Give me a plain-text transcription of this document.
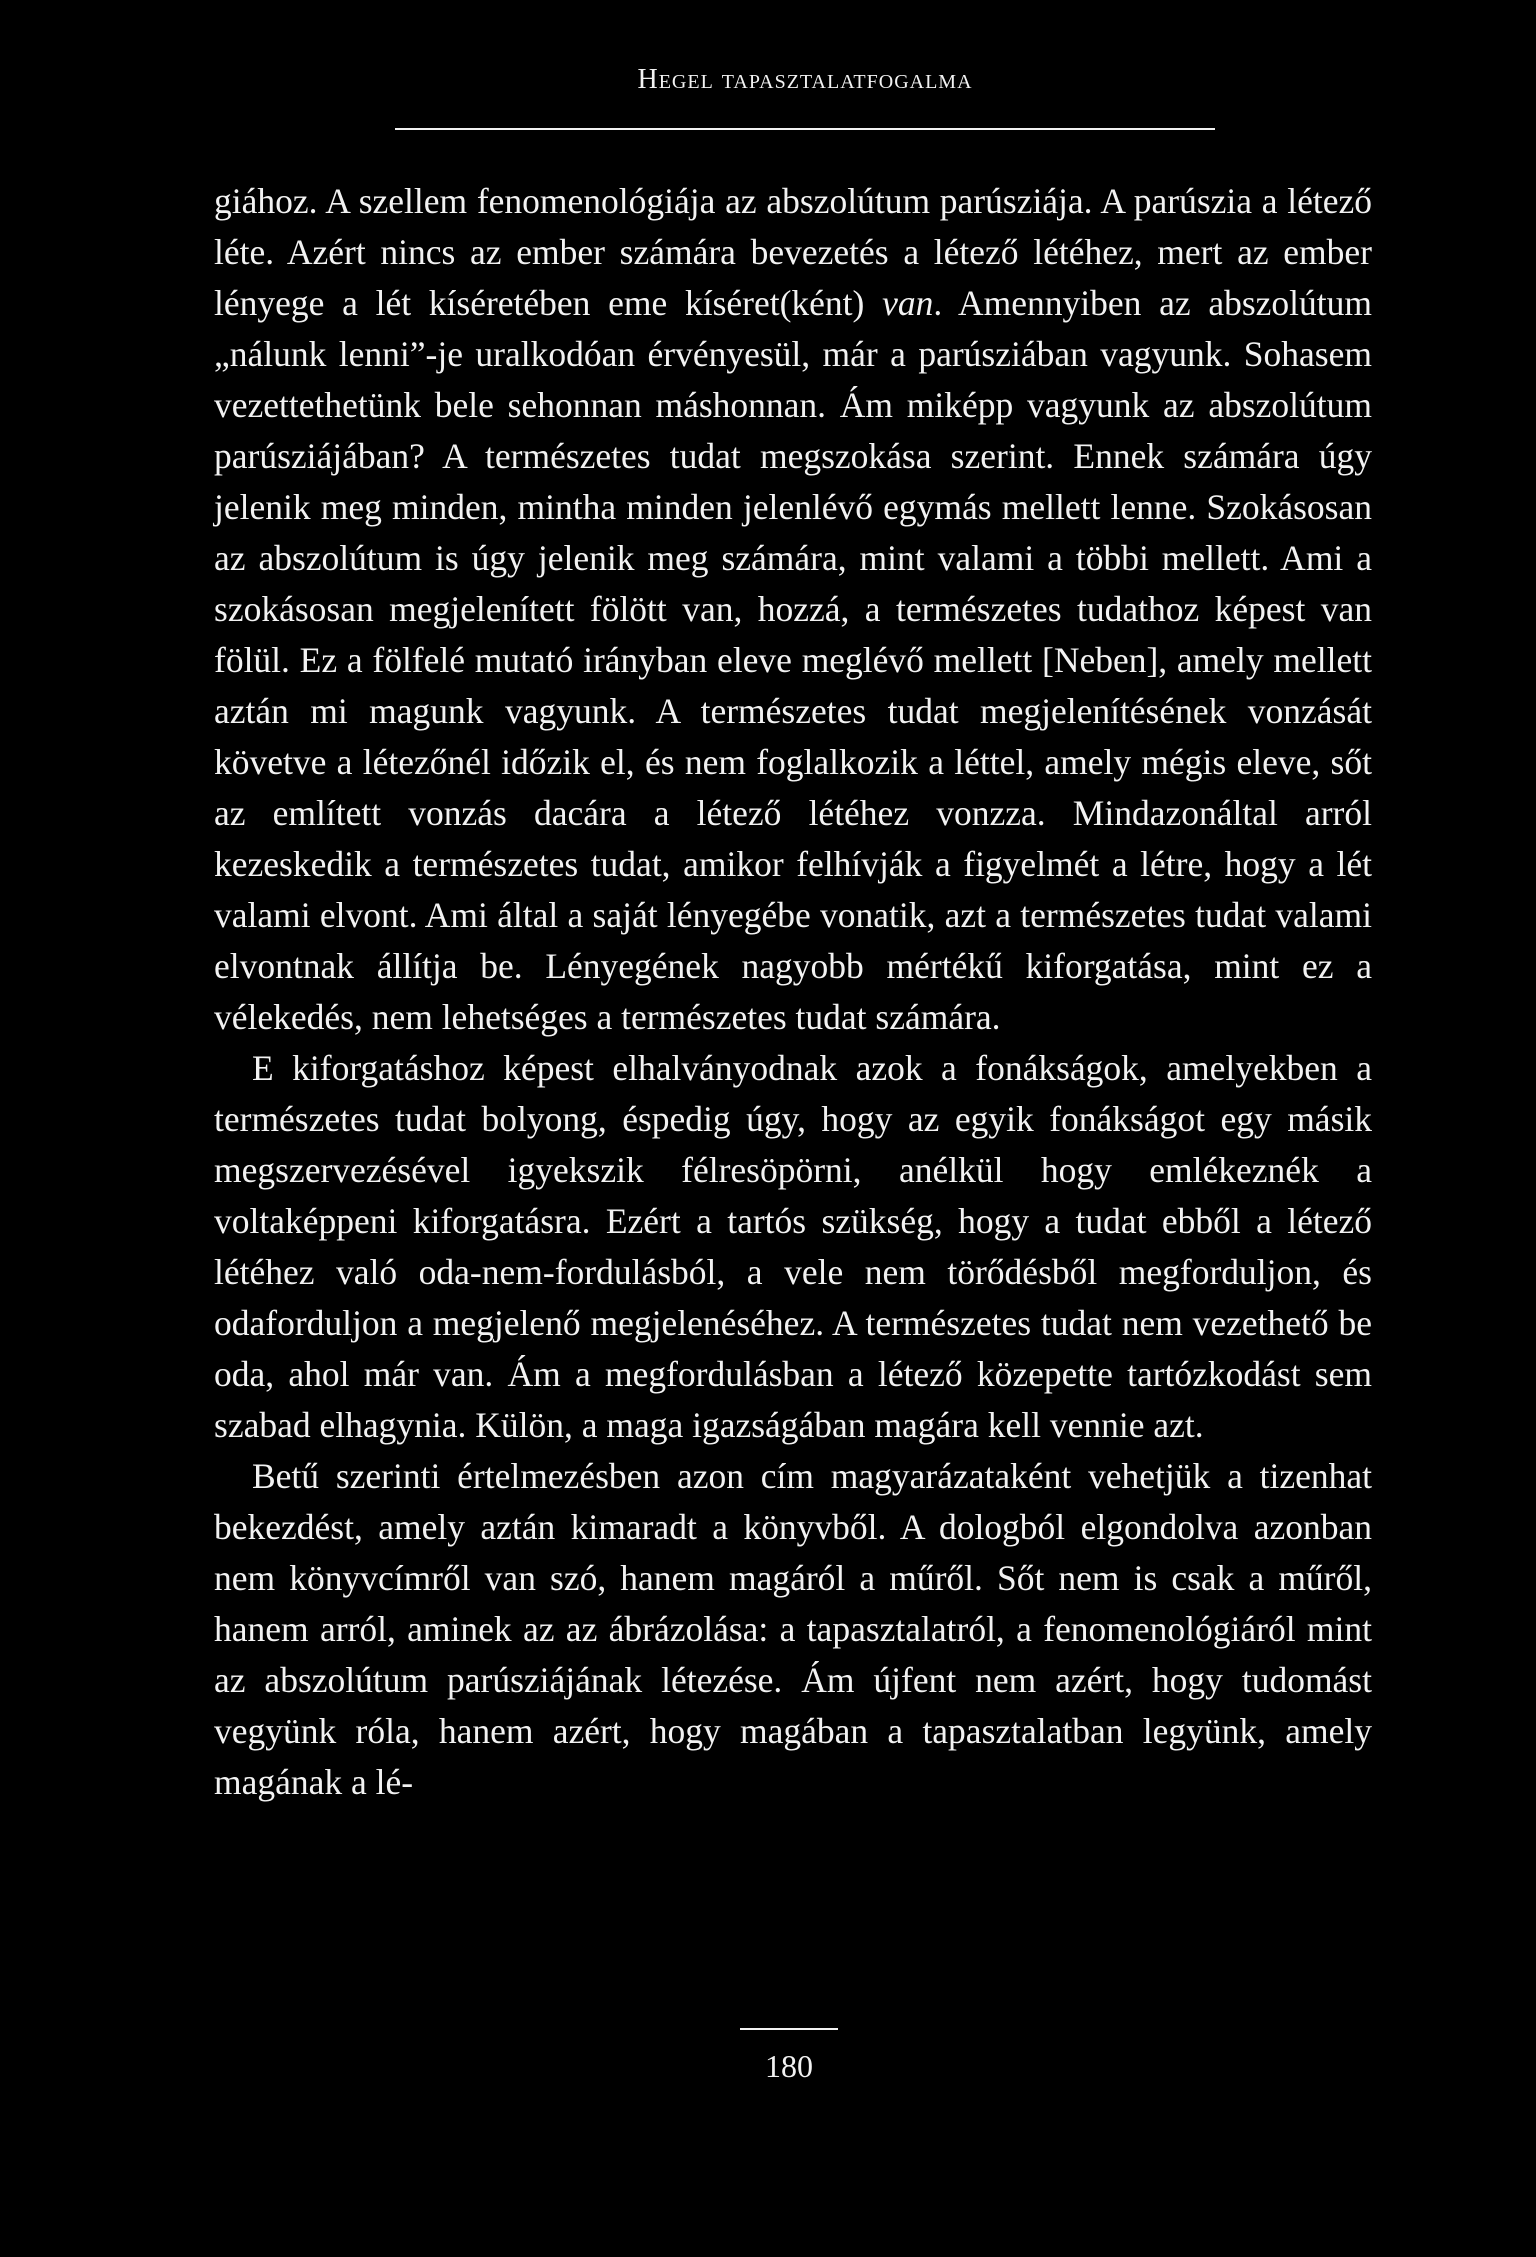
Hegel tapasztalatfogalma

giához. A szellem fenomenológiája az abszolútum parúsziája. A parúszia a létező léte. Azért nincs az ember számára bevezetés a létező létéhez, mert az ember lényege a lét kíséretében eme kíséret(ként) van. Amennyiben az abszolútum „nálunk lenni”-je uralkodóan érvényesül, már a parúsziában vagyunk. Sohasem vezettethetünk bele sehonnan máshonnan. Ám miképp vagyunk az abszolútum parúsziájában? A természetes tudat megszokása szerint. Ennek számára úgy jelenik meg minden, mintha minden jelenlévő egymás mellett lenne. Szokásosan az abszolútum is úgy jelenik meg számára, mint valami a többi mellett. Ami a szokásosan megjelenített fölött van, hozzá, a természetes tudathoz képest van fölül. Ez a fölfelé mutató irányban eleve meglévő mellett [Neben], amely mellett aztán mi magunk vagyunk. A természetes tudat megjelenítésének vonzását követve a létezőnél időzik el, és nem foglalkozik a léttel, amely mégis eleve, sőt az említett vonzás dacára a létező létéhez vonzza. Mindazonáltal arról kezeskedik a természetes tudat, amikor felhívják a figyelmét a létre, hogy a lét valami elvont. Ami által a saját lényegébe vonatik, azt a természetes tudat valami elvontnak állítja be. Lényegének nagyobb mértékű kiforgatása, mint ez a vélekedés, nem lehetséges a természetes tudat számára.

E kiforgatáshoz képest elhalványodnak azok a fonákságok, amelyekben a természetes tudat bolyong, éspedig úgy, hogy az egyik fonákságot egy másik megszervezésével igyekszik félresöpörni, anélkül hogy emlékeznék a voltaképpeni kiforgatásra. Ezért a tartós szükség, hogy a tudat ebből a létező létéhez való oda-nem-fordulásból, a vele nem törődésből megforduljon, és odaforduljon a megjelenő megjelenéséhez. A természetes tudat nem vezethető be oda, ahol már van. Ám a megfordulásban a létező közepette tartózkodást sem szabad elhagynia. Külön, a maga igazságában magára kell vennie azt.

Betű szerinti értelmezésben azon cím magyarázataként vehetjük a tizenhat bekezdést, amely aztán kimaradt a könyvből. A dologból elgondolva azonban nem könyvcímről van szó, hanem magáról a műről. Sőt nem is csak a műről, hanem arról, aminek az az ábrázolása: a tapasztalatról, a fenomenológiáról mint az abszolútum parúsziájának létezése. Ám újfent nem azért, hogy tudomást vegyünk róla, hanem azért, hogy magában a tapasztalatban legyünk, amely magának a lé-

180
